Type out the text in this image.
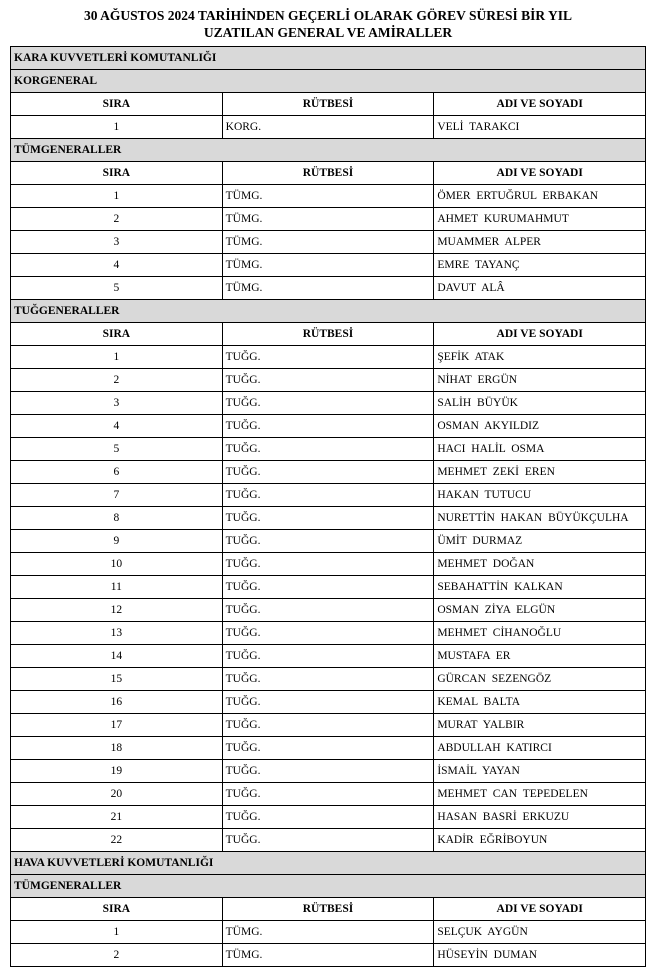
30 AĞUSTOS 2024 TARİHİNDEN GEÇERLİ OLARAK GÖREV SÜRESİ BİR YIL
UZATILAN GENERAL VE AMİRALLER
KARA KUVVETLERİ KOMUTANLIĞI		
KORGENERAL		
SIRA	RÜTBESİ	ADI VE SOYADI
1	KORG.	VELİ TARAKCI
TÜMGENERALLER		
SIRA	RÜTBESİ	ADI VE SOYADI
1	TÜMG.	ÖMER ERTUĞRUL ERBAKAN
2	TÜMG.	AHMET KURUMAHMUT
3	TÜMG.	MUAMMER ALPER
4	TÜMG.	EMRE TAYANÇ
5	TÜMG.	DAVUT ALÂ
TUĞGENERALLER		
SIRA	RÜTBESİ	ADI VE SOYADI
1	TUĞG.	ŞEFİK ATAK
2	TUĞG.	NİHAT ERGÜN
3	TUĞG.	SALİH BÜYÜK
4	TUĞG.	OSMAN AKYILDIZ
5	TUĞG.	HACI HALİL OSMA
6	TUĞG.	MEHMET ZEKİ EREN
7	TUĞG.	HAKAN TUTUCU
8	TUĞG.	NURETTİN HAKAN BÜYÜKÇULHA
9	TUĞG.	ÜMİT DURMAZ
10	TUĞG.	MEHMET DOĞAN
11	TUĞG.	SEBAHATTİN KALKAN
12	TUĞG.	OSMAN ZİYA ELGÜN
13	TUĞG.	MEHMET CİHANOĞLU
14	TUĞG.	MUSTAFA ER
15	TUĞG.	GÜRCAN SEZENGÖZ
16	TUĞG.	KEMAL BALTA
17	TUĞG.	MURAT YALBIR
18	TUĞG.	ABDULLAH KATIRCI
19	TUĞG.	İSMAİL YAYAN
20	TUĞG.	MEHMET CAN TEPEDELEN
21	TUĞG.	HASAN BASRİ ERKUZU
22	TUĞG.	KADİR EĞRİBOYUN
HAVA KUVVETLERİ KOMUTANLIĞI		
TÜMGENERALLER		
SIRA	RÜTBESİ	ADI VE SOYADI
1	TÜMG.	SELÇUK AYGÜN
2	TÜMG.	HÜSEYİN DUMAN
